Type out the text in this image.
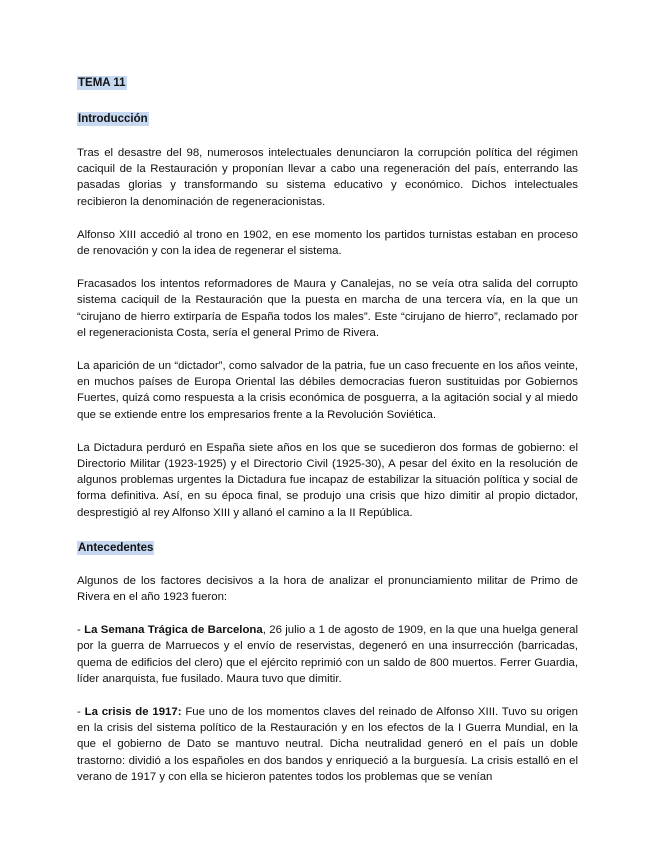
TEMA 11
Introducción

Tras el desastre del 98, numerosos intelectuales denunciaron la corrupción política del régimen caciquil de la Restauración y proponían llevar a cabo una regeneración del país, enterrando las pasadas glorias y transformando su sistema educativo y económico. Dichos intelectuales recibieron la denominación de regeneracionistas.

Alfonso XIII accedió al trono en 1902, en ese momento los partidos turnistas estaban en proceso de renovación y con la idea de regenerar el sistema.

Fracasados los intentos reformadores de Maura y Canalejas, no se veía otra salida del corrupto sistema caciquil de la Restauración que la puesta en marcha de una tercera vía, en la que un “cirujano de hierro extirparía de España todos los males”. Este “cirujano de hierro”, reclamado por el regeneracionista Costa, sería el general Primo de Rivera.

La aparición de un “dictador”, como salvador de la patria, fue un caso frecuente en los años veinte, en muchos países de Europa Oriental las débiles democracias fueron sustituidas por Gobiernos Fuertes, quizá como respuesta a la crisis económica de posguerra, a la agitación social y al miedo que se extiende entre los empresarios frente a la Revolución Soviética.

La Dictadura perduró en España siete años en los que se sucedieron dos formas de gobierno: el Directorio Militar (1923-1925) y el Directorio Civil (1925-30), A pesar del éxito en la resolución de algunos problemas urgentes la Dictadura fue incapaz de estabilizar la situación política y social de forma definitiva. Así, en su época final, se produjo una crisis que hizo dimitir al propio dictador, desprestigió al rey Alfonso XIII y allanó el camino a la II República.

Antecedentes

Algunos de los factores decisivos a la hora de analizar el pronunciamiento militar de Primo de Rivera en el año 1923 fueron:

- La Semana Trágica de Barcelona, 26 julio a 1 de agosto de 1909, en la que una huelga general por la guerra de Marruecos y el envío de reservistas, degeneró en una insurrección (barricadas, quema de edificios del clero) que el ejército reprimió con un saldo de 800 muertos. Ferrer Guardia, líder anarquista, fue fusilado. Maura tuvo que dimitir.

- La crisis de 1917: Fue uno de los momentos claves del reinado de Alfonso XIII. Tuvo su origen en la crisis del sistema político de la Restauración y en los efectos de la I Guerra Mundial, en la que el gobierno de Dato se mantuvo neutral. Dicha neutralidad generó en el país un doble trastorno: dividió a los españoles en dos bandos y enriqueció a la burguesía. La crisis estalló en el verano de 1917 y con ella se hicieron patentes todos los problemas que se venían
